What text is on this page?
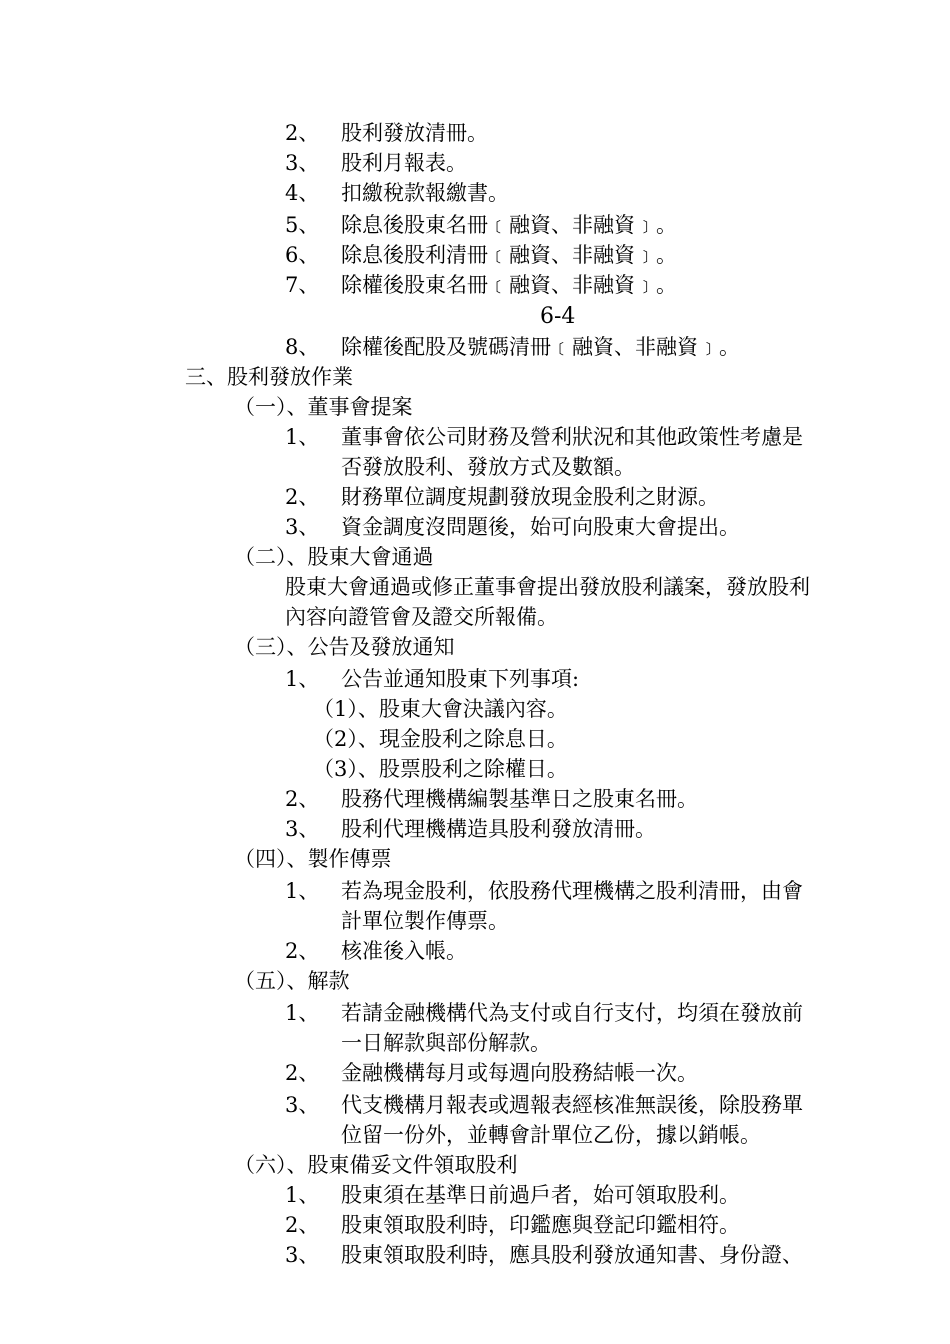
2、 股利發放清冊。
3、 股利月報表。
4、 扣繳稅款報繳書。
5、 除息後股東名冊﹝融資、非融資﹞。
6、 除息後股利清冊﹝融資、非融資﹞。
7、 除權後股東名冊﹝融資、非融資﹞。
6-4
8、 除權後配股及號碼清冊﹝融資、非融資﹞。
三、股利發放作業
（一）、董事會提案
1、 董事會依公司財務及營利狀況和其他政策性考慮是
否發放股利、發放方式及數額。
2、 財務單位調度規劃發放現金股利之財源。
3、 資金調度沒問題後，始可向股東大會提出。
（二）、股東大會通過
股東大會通過或修正董事會提出發放股利議案，發放股利
內容向證管會及證交所報備。
（三）、公告及發放通知
1、 公告並通知股東下列事項:
（1）、股東大會決議內容。
（2）、現金股利之除息日。
（3）、股票股利之除權日。
2、 股務代理機構編製基準日之股東名冊。
3、 股利代理機構造具股利發放清冊。
（四）、製作傳票
1、 若為現金股利，依股務代理機構之股利清冊，由會
計單位製作傳票。
2、 核准後入帳。
（五）、解款
1、 若請金融機構代為支付或自行支付，均須在發放前
一日解款與部份解款。
2、 金融機構每月或每週向股務結帳一次。
3、 代支機構月報表或週報表經核准無誤後，除股務單
位留一份外，並轉會計單位乙份，據以銷帳。
（六）、股東備妥文件領取股利
1、 股東須在基準日前過戶者，始可領取股利。
2、 股東領取股利時，印鑑應與登記印鑑相符。
3、 股東領取股利時，應具股利發放通知書、身份證、
